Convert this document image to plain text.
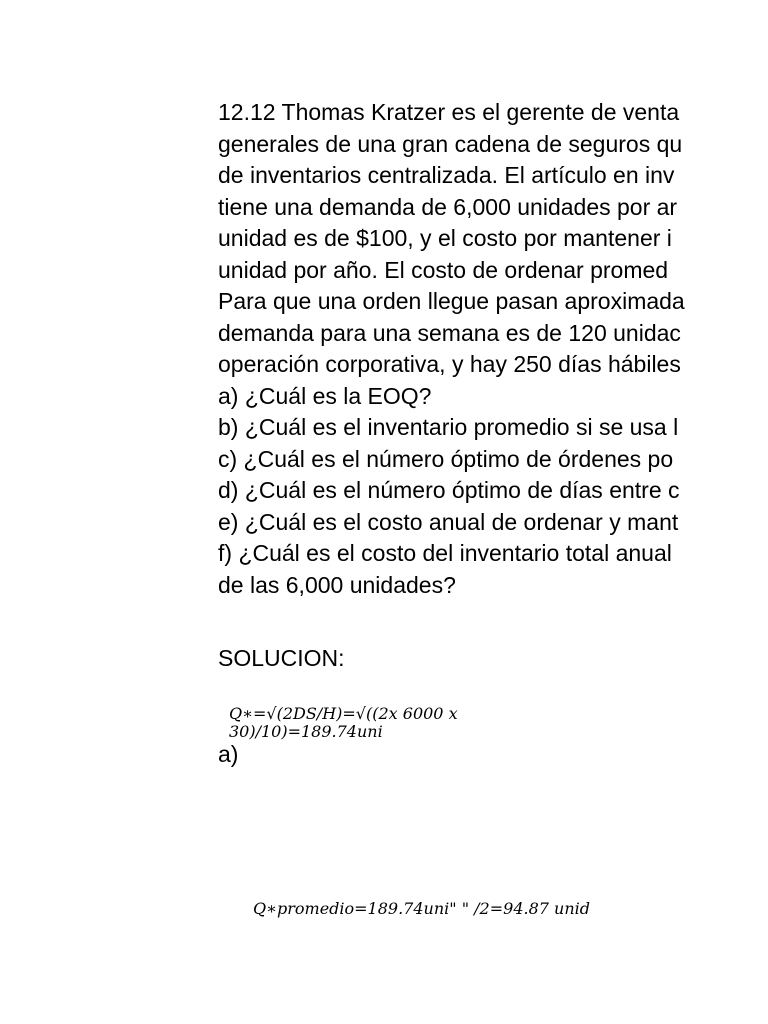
12.12 Thomas Kratzer es el gerente de venta
generales de una gran cadena de seguros qu
de inventarios centralizada. El artículo en inv
tiene una demanda de 6,000 unidades por ar
unidad es de $100, y el costo por mantener i
unidad por año. El costo de ordenar promed
Para que una orden llegue pasan aproximada
demanda para una semana es de 120 unidac
operación corporativa, y hay 250 días hábiles
a) ¿Cuál es la EOQ?
b) ¿Cuál es el inventario promedio si se usa l
c) ¿Cuál es el número óptimo de órdenes po
d) ¿Cuál es el número óptimo de días entre c
e) ¿Cuál es el costo anual de ordenar y mant
f) ¿Cuál es el costo del inventario total anual
de las 6,000 unidades?
SOLUCION:
𝑄∗=√(2𝐷𝑆/𝐻)=√((2𝑥 6000 𝑥
30)/10)=189.74𝑢𝑛𝑖
a)
𝑄∗𝑝𝑟𝑜𝑚𝑒𝑑𝑖𝑜=189.74𝑢𝑛𝑖" " /2=94.87 𝑢𝑛𝑖𝑑
